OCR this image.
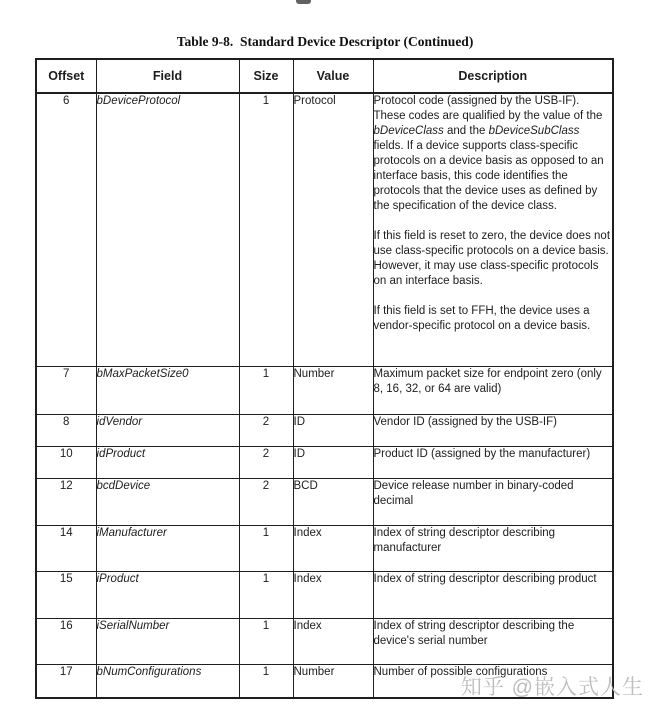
Table 9-8.  Standard Device Descriptor (Continued)
Offset	Field	Size	Value	Description
6	bDeviceProtocol	1	Protocol	Protocol code (assigned by the USB-IF). These codes are qualified by the value of the bDeviceClass and the bDeviceSubClass fields. If a device supports class-specific protocols on a device basis as opposed to an interface basis, this code identifies the protocols that the device uses as defined by the specification of the device class.
If this field is reset to zero, the device does not use class-specific protocols on a device basis. However, it may use class-specific protocols on an interface basis.
If this field is set to FFH, the device uses a vendor-specific protocol on a device basis.

7	bMaxPacketSize0	1	Number	Maximum packet size for endpoint zero (only 8, 16, 32, or 64 are valid)

8	idVendor	2	ID	Vendor ID (assigned by the USB-IF)

10	idProduct	2	ID	Product ID (assigned by the manufacturer)

12	bcdDevice	2	BCD	Device release number in binary-coded decimal

14	iManufacturer	1	Index	Index of string descriptor describing manufacturer

15	iProduct	1	Index	Index of string descriptor describing product

16	iSerialNumber	1	Index	Index of string descriptor describing the device's serial number

17	bNumConfigurations	1	Number	Number of possible configurations
知乎 @嵌入式人生
